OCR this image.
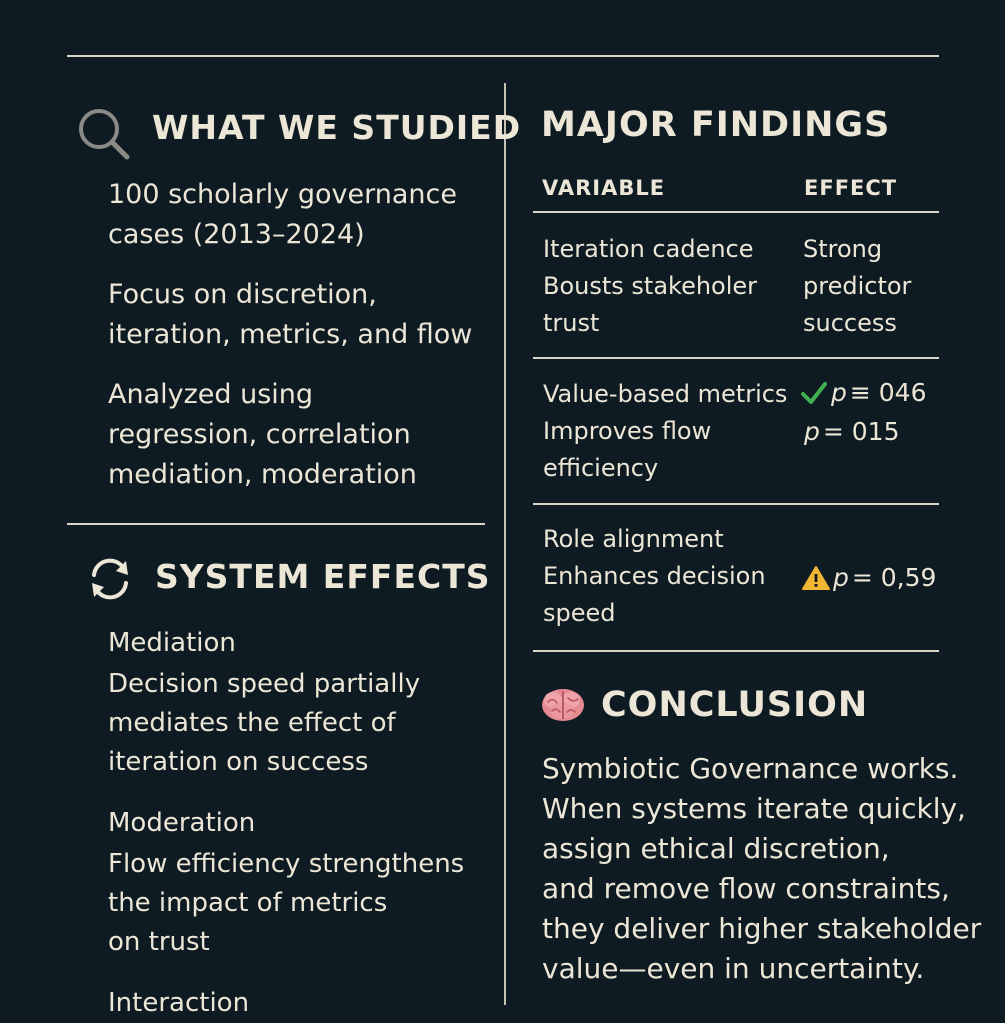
WHAT WE STUDIED
100 scholarly governance
cases (2013–2024)
Focus on discretion,
iteration, metrics, and flow
Analyzed using
regression, correlation
mediation, moderation
SYSTEM EFFECTS
Mediation
Decision speed partially
mediates the effect of
iteration on success
Moderation
Flow efficiency strengthens
the impact of metrics
on trust
Interaction
MAJOR FINDINGS
VARIABLE	EFFECT
Iteration cadence
Bousts stakeholer
trust
Strong
predictor
success
Value-based metrics
Improves flow
efficiency
p ≡ 046
p = 015
Role alignment
Enhances decision
speed
p = 0,59
CONCLUSION
Symbiotic Governance works.
When systems iterate quickly,
assign ethical discretion,
and remove flow constraints,
they deliver higher stakeholder
value—even in uncertainty.
